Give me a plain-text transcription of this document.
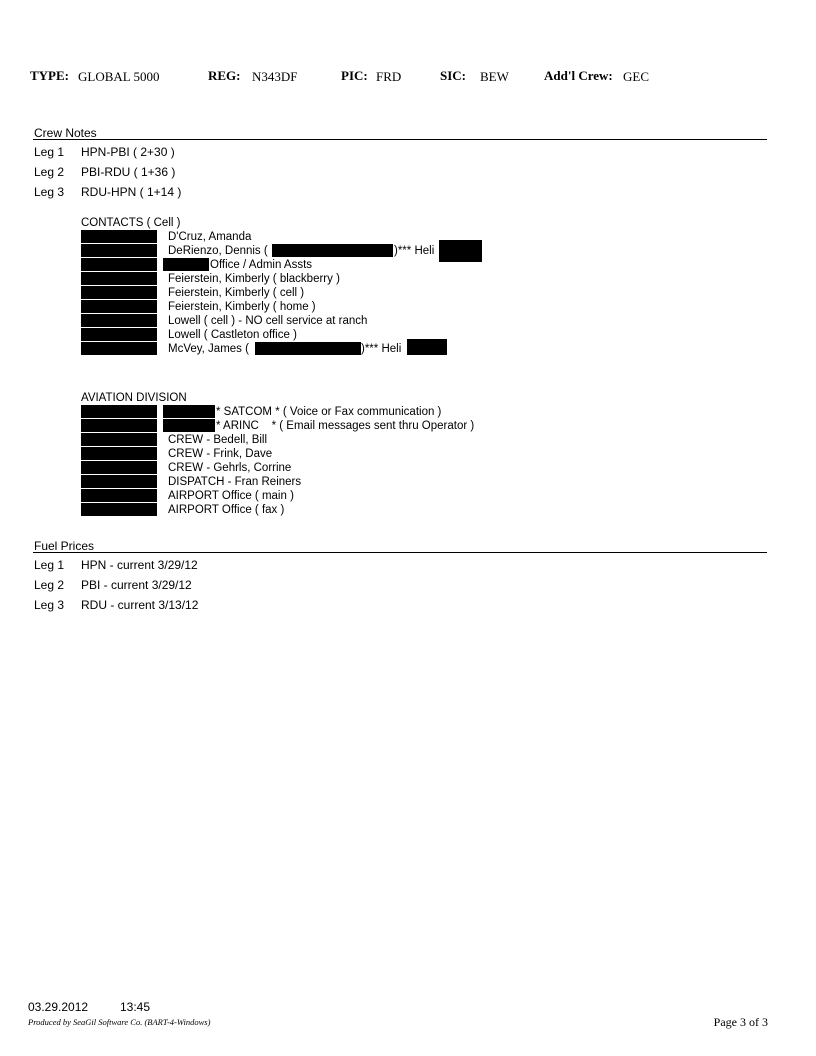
TYPE: GLOBAL 5000	REG: N343DF	PIC: FRD	SIC: BEW	Add'l Crew: GEC
Crew Notes
Leg 1 HPN-PBI ( 2+30 )
Leg 2 PBI-RDU ( 1+36 )
Leg 3 RDU-HPN ( 1+14 )
CONTACTS ( Cell )
D'Cruz, Amanda
DeRienzo, Dennis (	)*** Heli
Office / Admin Assts
Feierstein, Kimberly ( blackberry )
Feierstein, Kimberly ( cell )
Feierstein, Kimberly ( home )
Lowell ( cell ) - NO cell service at ranch
Lowell ( Castleton office )
McVey, James (	)*** Heli
AVIATION DIVISION
* SATCOM * ( Voice or Fax communication )
* ARINC    * ( Email messages sent thru Operator )
CREW - Bedell, Bill
CREW - Frink, Dave
CREW - Gehrls, Corrine
DISPATCH - Fran Reiners
AIRPORT Office ( main )
AIRPORT Office ( fax )
Fuel Prices
Leg 1 HPN - current 3/29/12
Leg 2 PBI - current 3/29/12
Leg 3 RDU - current 3/13/12
03.29.2012	13:45
Produced by SeaGil Software Co. (BART-4-Windows)	Page 3 of 3
